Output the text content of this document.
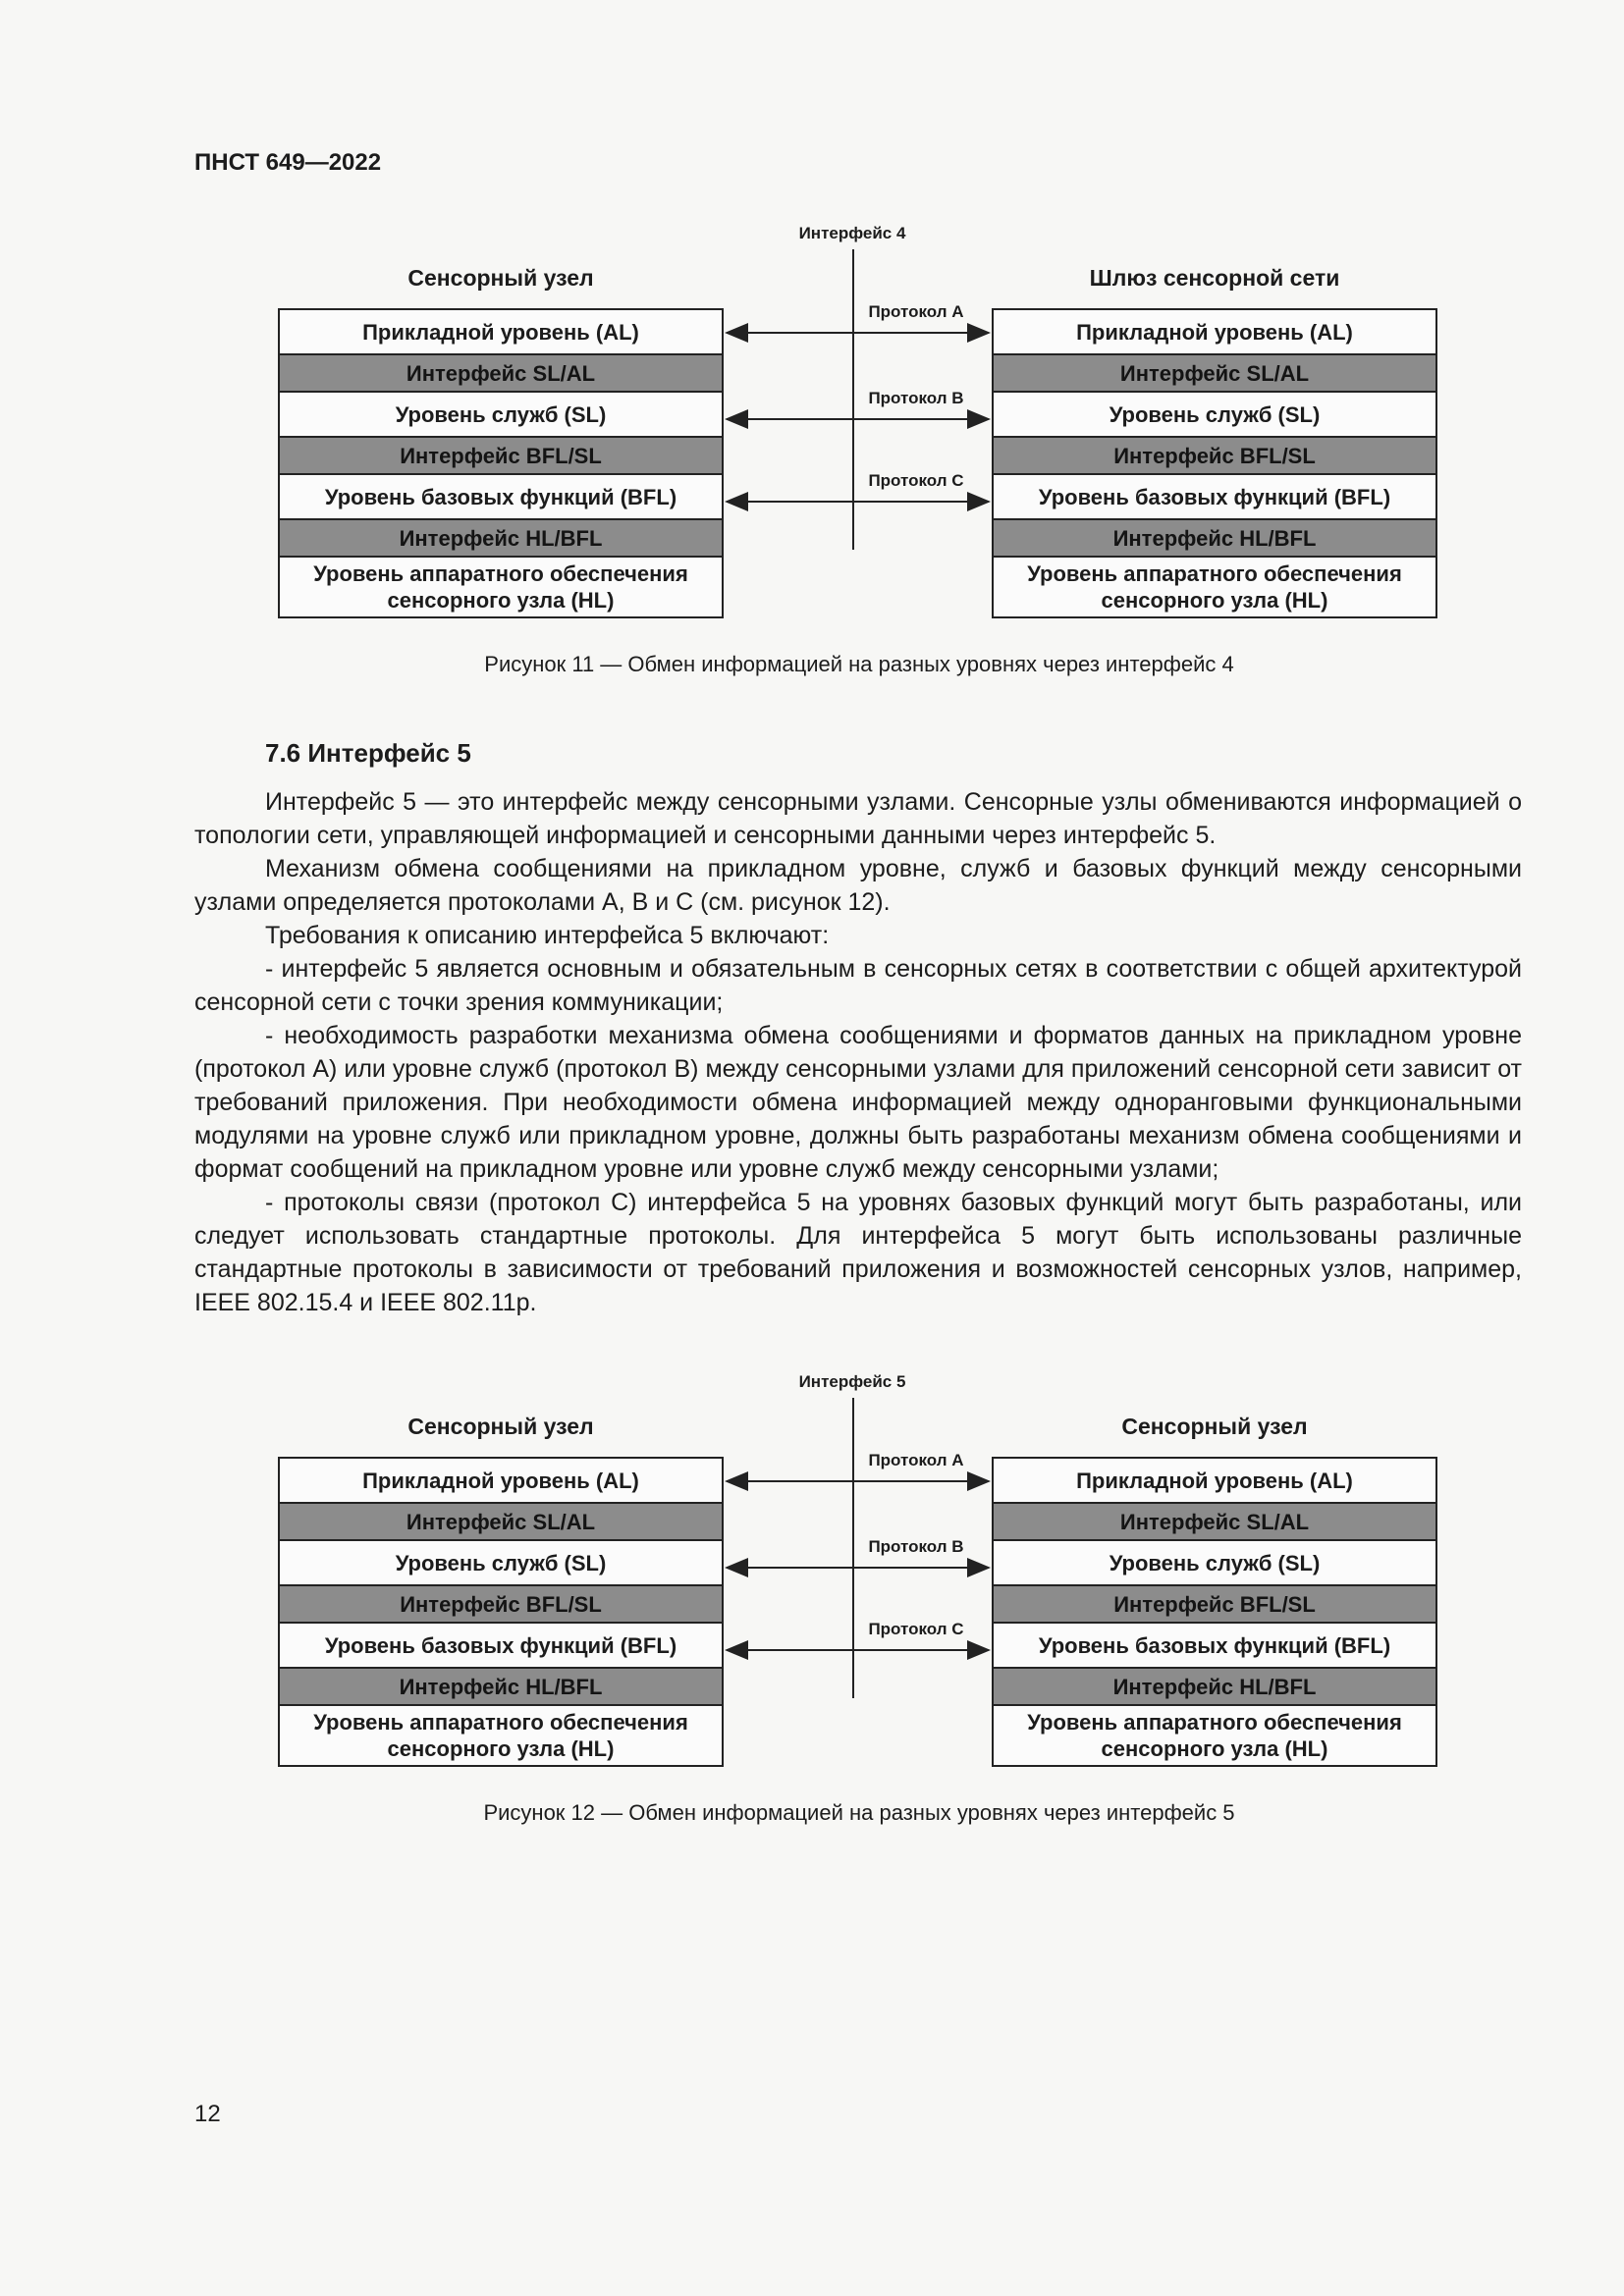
ПНСТ 649—2022
Интерфейс 4
Сенсорный узел	Шлюз сенсорной сети
Прикладной уровень (AL)
Интерфейс SL/AL
Уровень служб (SL)
Интерфейс BFL/SL
Уровень базовых функций (BFL)
Интерфейс HL/BFL
Уровень аппаратного обеспечения сенсорного узла (HL)
Прикладной уровень (AL)
Интерфейс SL/AL
Уровень служб (SL)
Интерфейс BFL/SL
Уровень базовых функций (BFL)
Интерфейс HL/BFL
Уровень аппаратного обеспечения сенсорного узла (HL)
Протокол A
Протокол B
Протокол C
Рисунок 11 — Обмен информацией на разных уровнях через интерфейс 4
7.6 Интерфейс 5

Интерфейс 5 — это интерфейс между сенсорными узлами. Сенсорные узлы обмениваются информацией о топологии сети, управляющей информацией и сенсорными данными через интерфейс 5.

Механизм обмена сообщениями на прикладном уровне, служб и базовых функций между сенсорными узлами определяется протоколами A, B и C (см. рисунок 12).

Требования к описанию интерфейса 5 включают:

- интерфейс 5 является основным и обязательным в сенсорных сетях в соответствии с общей архитектурой сенсорной сети с точки зрения коммуникации;

- необходимость разработки механизма обмена сообщениями и форматов данных на прикладном уровне (протокол A) или уровне служб (протокол B) между сенсорными узлами для приложений сенсорной сети зависит от требований приложения. При необходимости обмена информацией между одноранговыми функциональными модулями на уровне служб или прикладном уровне, должны быть разработаны механизм обмена сообщениями и формат сообщений на прикладном уровне или уровне служб между сенсорными узлами;

- протоколы связи (протокол C) интерфейса 5 на уровнях базовых функций могут быть разработаны, или следует использовать стандартные протоколы. Для интерфейса 5 могут быть использованы различные стандартные протоколы в зависимости от требований приложения и возможностей сенсорных узлов, например, IEEE 802.15.4 и IEEE 802.11p.

Интерфейс 5
Сенсорный узел	Сенсорный узел
Прикладной уровень (AL)
Интерфейс SL/AL
Уровень служб (SL)
Интерфейс BFL/SL
Уровень базовых функций (BFL)
Интерфейс HL/BFL
Уровень аппаратного обеспечения сенсорного узла (HL)
Прикладной уровень (AL)
Интерфейс SL/AL
Уровень служб (SL)
Интерфейс BFL/SL
Уровень базовых функций (BFL)
Интерфейс HL/BFL
Уровень аппаратного обеспечения сенсорного узла (HL)
Протокол A
Протокол B
Протокол C
Рисунок 12 — Обмен информацией на разных уровнях через интерфейс 5
12
